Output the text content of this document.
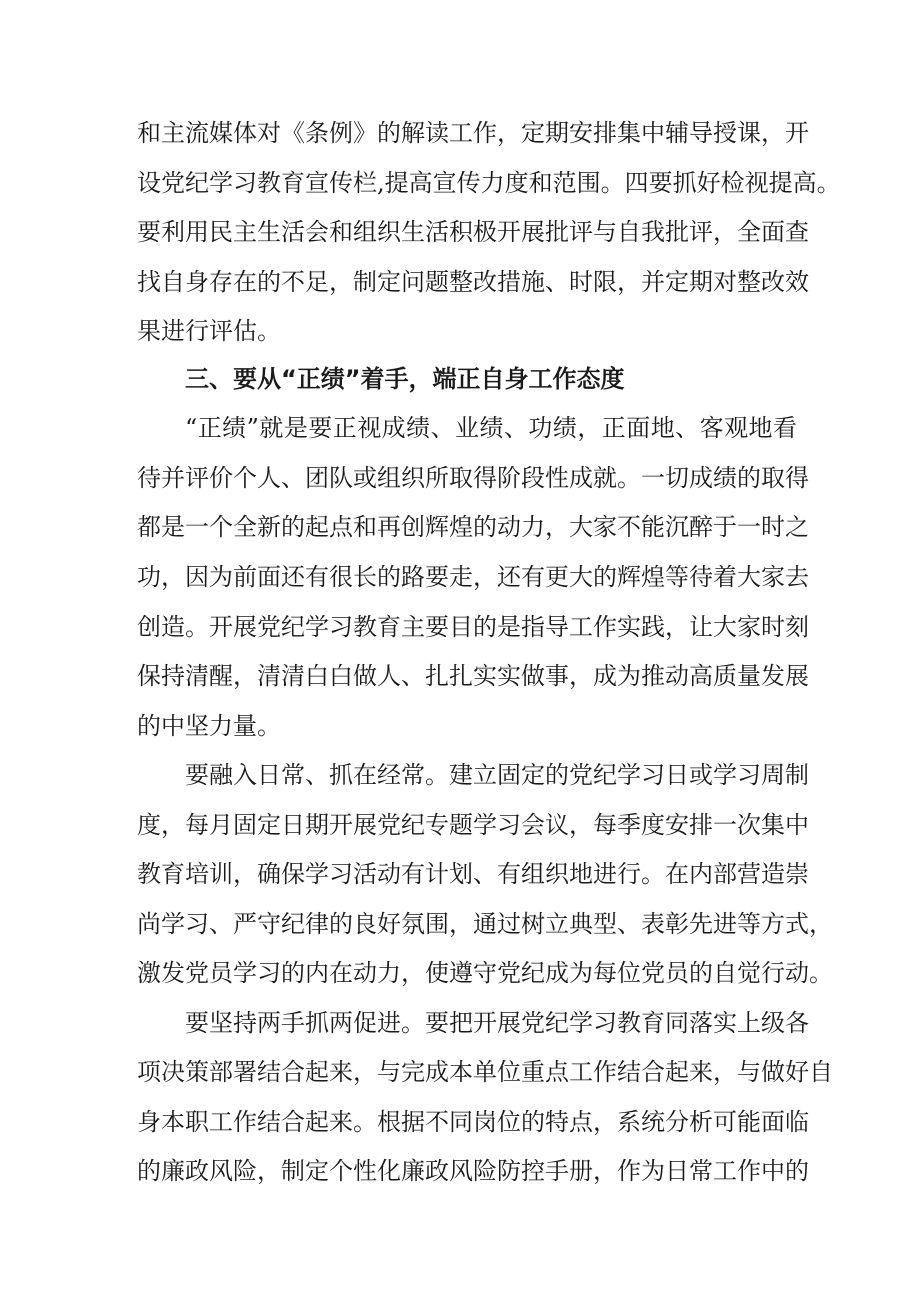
和主流媒体对《条例》的解读工作，定期安排集中辅导授课，开
设党纪学习教育宣传栏,提高宣传力度和范围。四要抓好检视提高。
要利用民主生活会和组织生活积极开展批评与自我批评，全面查
找自身存在的不足，制定问题整改措施、时限，并定期对整改效
果进行评估。
三、要从“正绩”着手，端正自身工作态度
“正绩”就是要正视成绩、业绩、功绩，正面地、客观地看
待并评价个人、团队或组织所取得阶段性成就。一切成绩的取得
都是一个全新的起点和再创辉煌的动力，大家不能沉醉于一时之
功，因为前面还有很长的路要走，还有更大的辉煌等待着大家去
创造。开展党纪学习教育主要目的是指导工作实践，让大家时刻
保持清醒，清清白白做人、扎扎实实做事，成为推动高质量发展
的中坚力量。
要融入日常、抓在经常。建立固定的党纪学习日或学习周制
度，每月固定日期开展党纪专题学习会议，每季度安排一次集中
教育培训，确保学习活动有计划、有组织地进行。在内部营造崇
尚学习、严守纪律的良好氛围，通过树立典型、表彰先进等方式，
激发党员学习的内在动力，使遵守党纪成为每位党员的自觉行动。
要坚持两手抓两促进。要把开展党纪学习教育同落实上级各
项决策部署结合起来，与完成本单位重点工作结合起来，与做好自
身本职工作结合起来。根据不同岗位的特点，系统分析可能面临
的廉政风险，制定个性化廉政风险防控手册，作为日常工作中的
